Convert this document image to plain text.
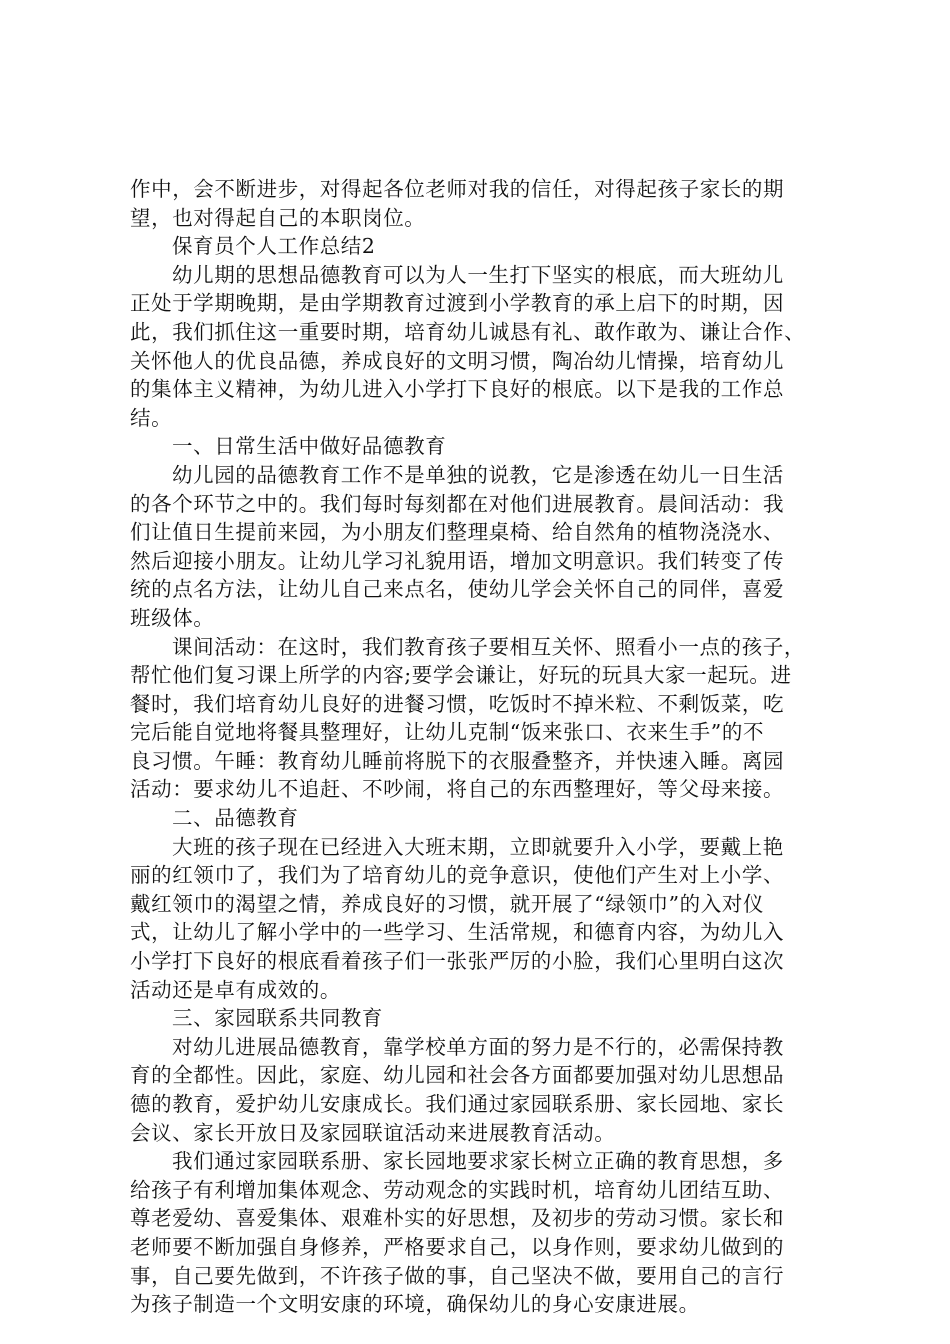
作中，会不断进步，对得起各位老师对我的信任，对得起孩子家长的期
望，也对得起自己的本职岗位。
保育员个人工作总结2
幼儿期的思想品德教育可以为人一生打下坚实的根底，而大班幼儿
正处于学期晚期，是由学期教育过渡到小学教育的承上启下的时期，因
此，我们抓住这一重要时期，培育幼儿诚恳有礼、敢作敢为、谦让合作、
关怀他人的优良品德，养成良好的文明习惯，陶冶幼儿情操，培育幼儿
的集体主义精神，为幼儿进入小学打下良好的根底。以下是我的工作总
结。
一、日常生活中做好品德教育
幼儿园的品德教育工作不是单独的说教，它是渗透在幼儿一日生活
的各个环节之中的。我们每时每刻都在对他们进展教育。晨间活动：我
们让值日生提前来园，为小朋友们整理桌椅、给自然角的植物浇浇水、
然后迎接小朋友。让幼儿学习礼貌用语，增加文明意识。我们转变了传
统的点名方法，让幼儿自己来点名，使幼儿学会关怀自己的同伴，喜爱
班级体。
课间活动：在这时，我们教育孩子要相互关怀、照看小一点的孩子，
帮忙他们复习课上所学的内容;要学会谦让，好玩的玩具大家一起玩。进
餐时，我们培育幼儿良好的进餐习惯，吃饭时不掉米粒、不剩饭菜，吃
完后能自觉地将餐具整理好，让幼儿克制“饭来张口、衣来生手”的不
良习惯。午睡：教育幼儿睡前将脱下的衣服叠整齐，并快速入睡。离园
活动：要求幼儿不追赶、不吵闹，将自己的东西整理好，等父母来接。
二、品德教育
大班的孩子现在已经进入大班末期，立即就要升入小学，要戴上艳
丽的红领巾了，我们为了培育幼儿的竞争意识，使他们产生对上小学、
戴红领巾的渴望之情，养成良好的习惯，就开展了“绿领巾”的入对仪
式，让幼儿了解小学中的一些学习、生活常规，和德育内容，为幼儿入
小学打下良好的根底看着孩子们一张张严厉的小脸，我们心里明白这次
活动还是卓有成效的。
三、家园联系共同教育
对幼儿进展品德教育，靠学校单方面的努力是不行的，必需保持教
育的全都性。因此，家庭、幼儿园和社会各方面都要加强对幼儿思想品
德的教育，爱护幼儿安康成长。我们通过家园联系册、家长园地、家长
会议、家长开放日及家园联谊活动来进展教育活动。
我们通过家园联系册、家长园地要求家长树立正确的教育思想，多
给孩子有利增加集体观念、劳动观念的实践时机，培育幼儿团结互助、
尊老爱幼、喜爱集体、艰难朴实的好思想，及初步的劳动习惯。家长和
老师要不断加强自身修养，严格要求自己，以身作则，要求幼儿做到的
事，自己要先做到，不许孩子做的事，自己坚决不做，要用自己的言行
为孩子制造一个文明安康的环境，确保幼儿的身心安康进展。
